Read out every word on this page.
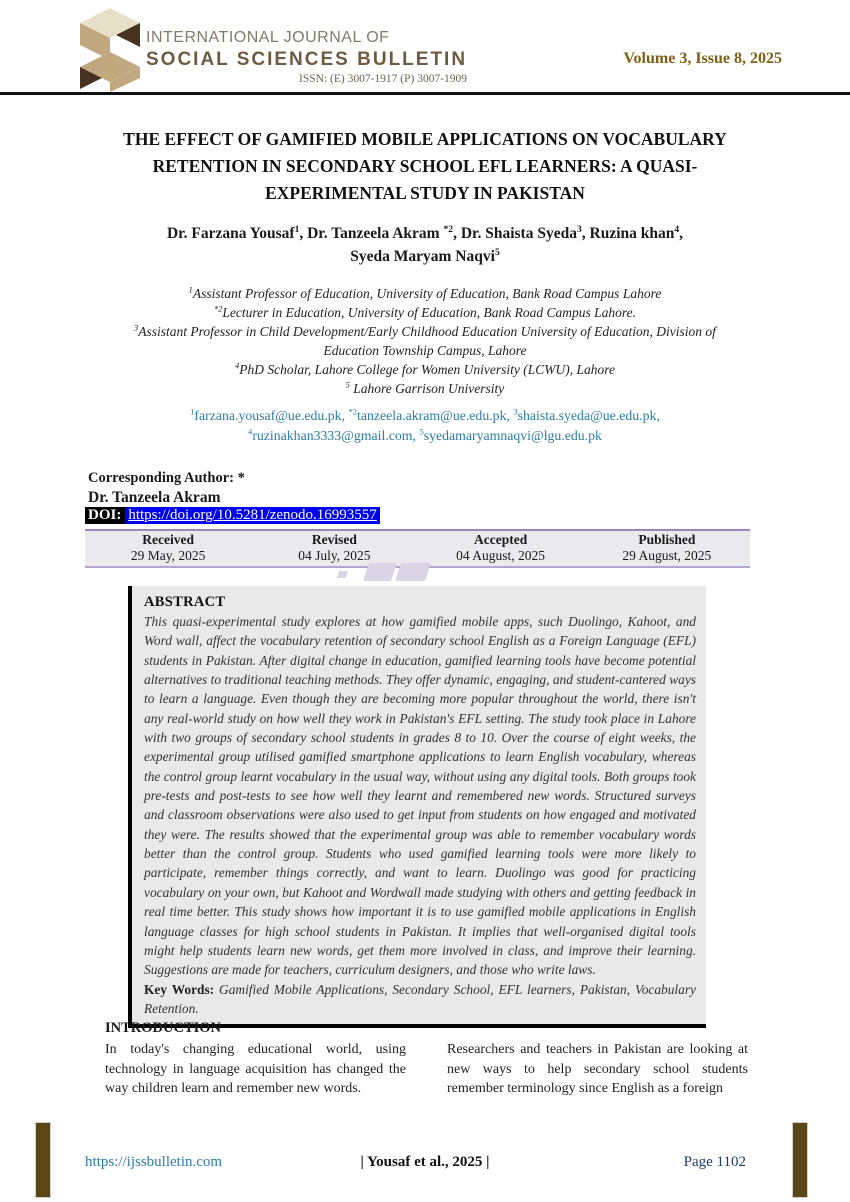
INTERNATIONAL JOURNAL OF
SOCIAL SCIENCES BULLETIN
ISSN: (E) 3007-1917 (P) 3007-1909
Volume 3, Issue 8, 2025
THE EFFECT OF GAMIFIED MOBILE APPLICATIONS ON VOCABULARY
RETENTION IN SECONDARY SCHOOL EFL LEARNERS: A QUASI-
EXPERIMENTAL STUDY IN PAKISTAN
Dr. Farzana Yousaf$^1$, Dr. Tanzeela Akram $^{*2}$, Dr. Shaista Syeda$^3$, Ruzina khan$^4$,
Syeda Maryam Naqvi$^5$
$^1$Assistant Professor of Education, University of Education, Bank Road Campus Lahore
$^{*2}$Lecturer in Education, University of Education, Bank Road Campus Lahore.
$^3$Assistant Professor in Child Development/Early Childhood Education University of Education, Division of Education Township Campus, Lahore
$^4$PhD Scholar, Lahore College for Women University (LCWU), Lahore
$^5$ Lahore Garrison University
$^1$farzana.yousaf@ue.edu.pk, $^{*2}$tanzeela.akram@ue.edu.pk, $^3$shaista.syeda@ue.edu.pk,
$^4$ruzinakhan3333@gmail.com, $^5$syedamaryamnaqvi@lgu.edu.pk
Corresponding Author: *
Dr. Tanzeela Akram
DOI: https://doi.org/10.5281/zenodo.16993557
Received	Revised	Accepted	Published
29 May, 2025	04 July, 2025	04 August, 2025	29 August, 2025
ABSTRACT
This quasi-experimental study explores at how gamified mobile apps, such Duolingo, Kahoot, and Word wall, affect the vocabulary retention of secondary school English as a Foreign Language (EFL) students in Pakistan. After digital change in education, gamified learning tools have become potential alternatives to traditional teaching methods. They offer dynamic, engaging, and student-cantered ways to learn a language. Even though they are becoming more popular throughout the world, there isn't any real-world study on how well they work in Pakistan's EFL setting. The study took place in Lahore with two groups of secondary school students in grades 8 to 10. Over the course of eight weeks, the experimental group utilised gamified smartphone applications to learn English vocabulary, whereas the control group learnt vocabulary in the usual way, without using any digital tools. Both groups took pre-tests and post-tests to see how well they learnt and remembered new words. Structured surveys and classroom observations were also used to get input from students on how engaged and motivated they were. The results showed that the experimental group was able to remember vocabulary words better than the control group. Students who used gamified learning tools were more likely to participate, remember things correctly, and want to learn. Duolingo was good for practicing vocabulary on your own, but Kahoot and Wordwall made studying with others and getting feedback in real time better. This study shows how important it is to use gamified mobile applications in English language classes for high school students in Pakistan. It implies that well-organised digital tools might help students learn new words, get them more involved in class, and improve their learning. Suggestions are made for teachers, curriculum designers, and those who write laws.
Key Words: Gamified Mobile Applications, Secondary School, EFL learners, Pakistan, Vocabulary Retention.
INTRODUCTION
In today's changing educational world, using technology in language acquisition has changed the way children learn and remember new words.
Researchers and teachers in Pakistan are looking at new ways to help secondary school students remember terminology since English as a foreign
| Yousaf et al., 2025 |
https://ijssbulletin.com	Page 1102
